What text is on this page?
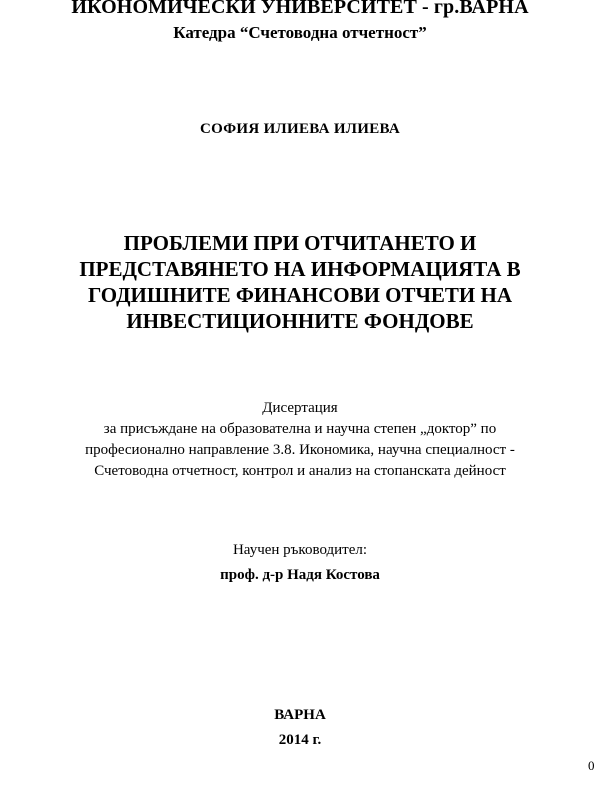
ИКОНОМИЧЕСКИ УНИВЕРСИТЕТ - гр.ВАРНА
Катедра “Счетоводна отчетност”
СОФИЯ ИЛИЕВА ИЛИЕВА
ПРОБЛЕМИ ПРИ ОТЧИТАНЕТО И
ПРЕДСТАВЯНЕТО НА ИНФОРМАЦИЯТА В
ГОДИШНИТЕ ФИНАНСОВИ ОТЧЕТИ НА
ИНВЕСТИЦИОННИТЕ ФОНДОВЕ
Дисертация
за присъждане на образователна и научна степен „доктор” по
професионално направление 3.8. Икономика, научна специалност -
Счетоводна отчетност, контрол и анализ на стопанската дейност
Научен ръководител:
проф. д-р Надя Костова
ВАРНА
2014 г.
0
